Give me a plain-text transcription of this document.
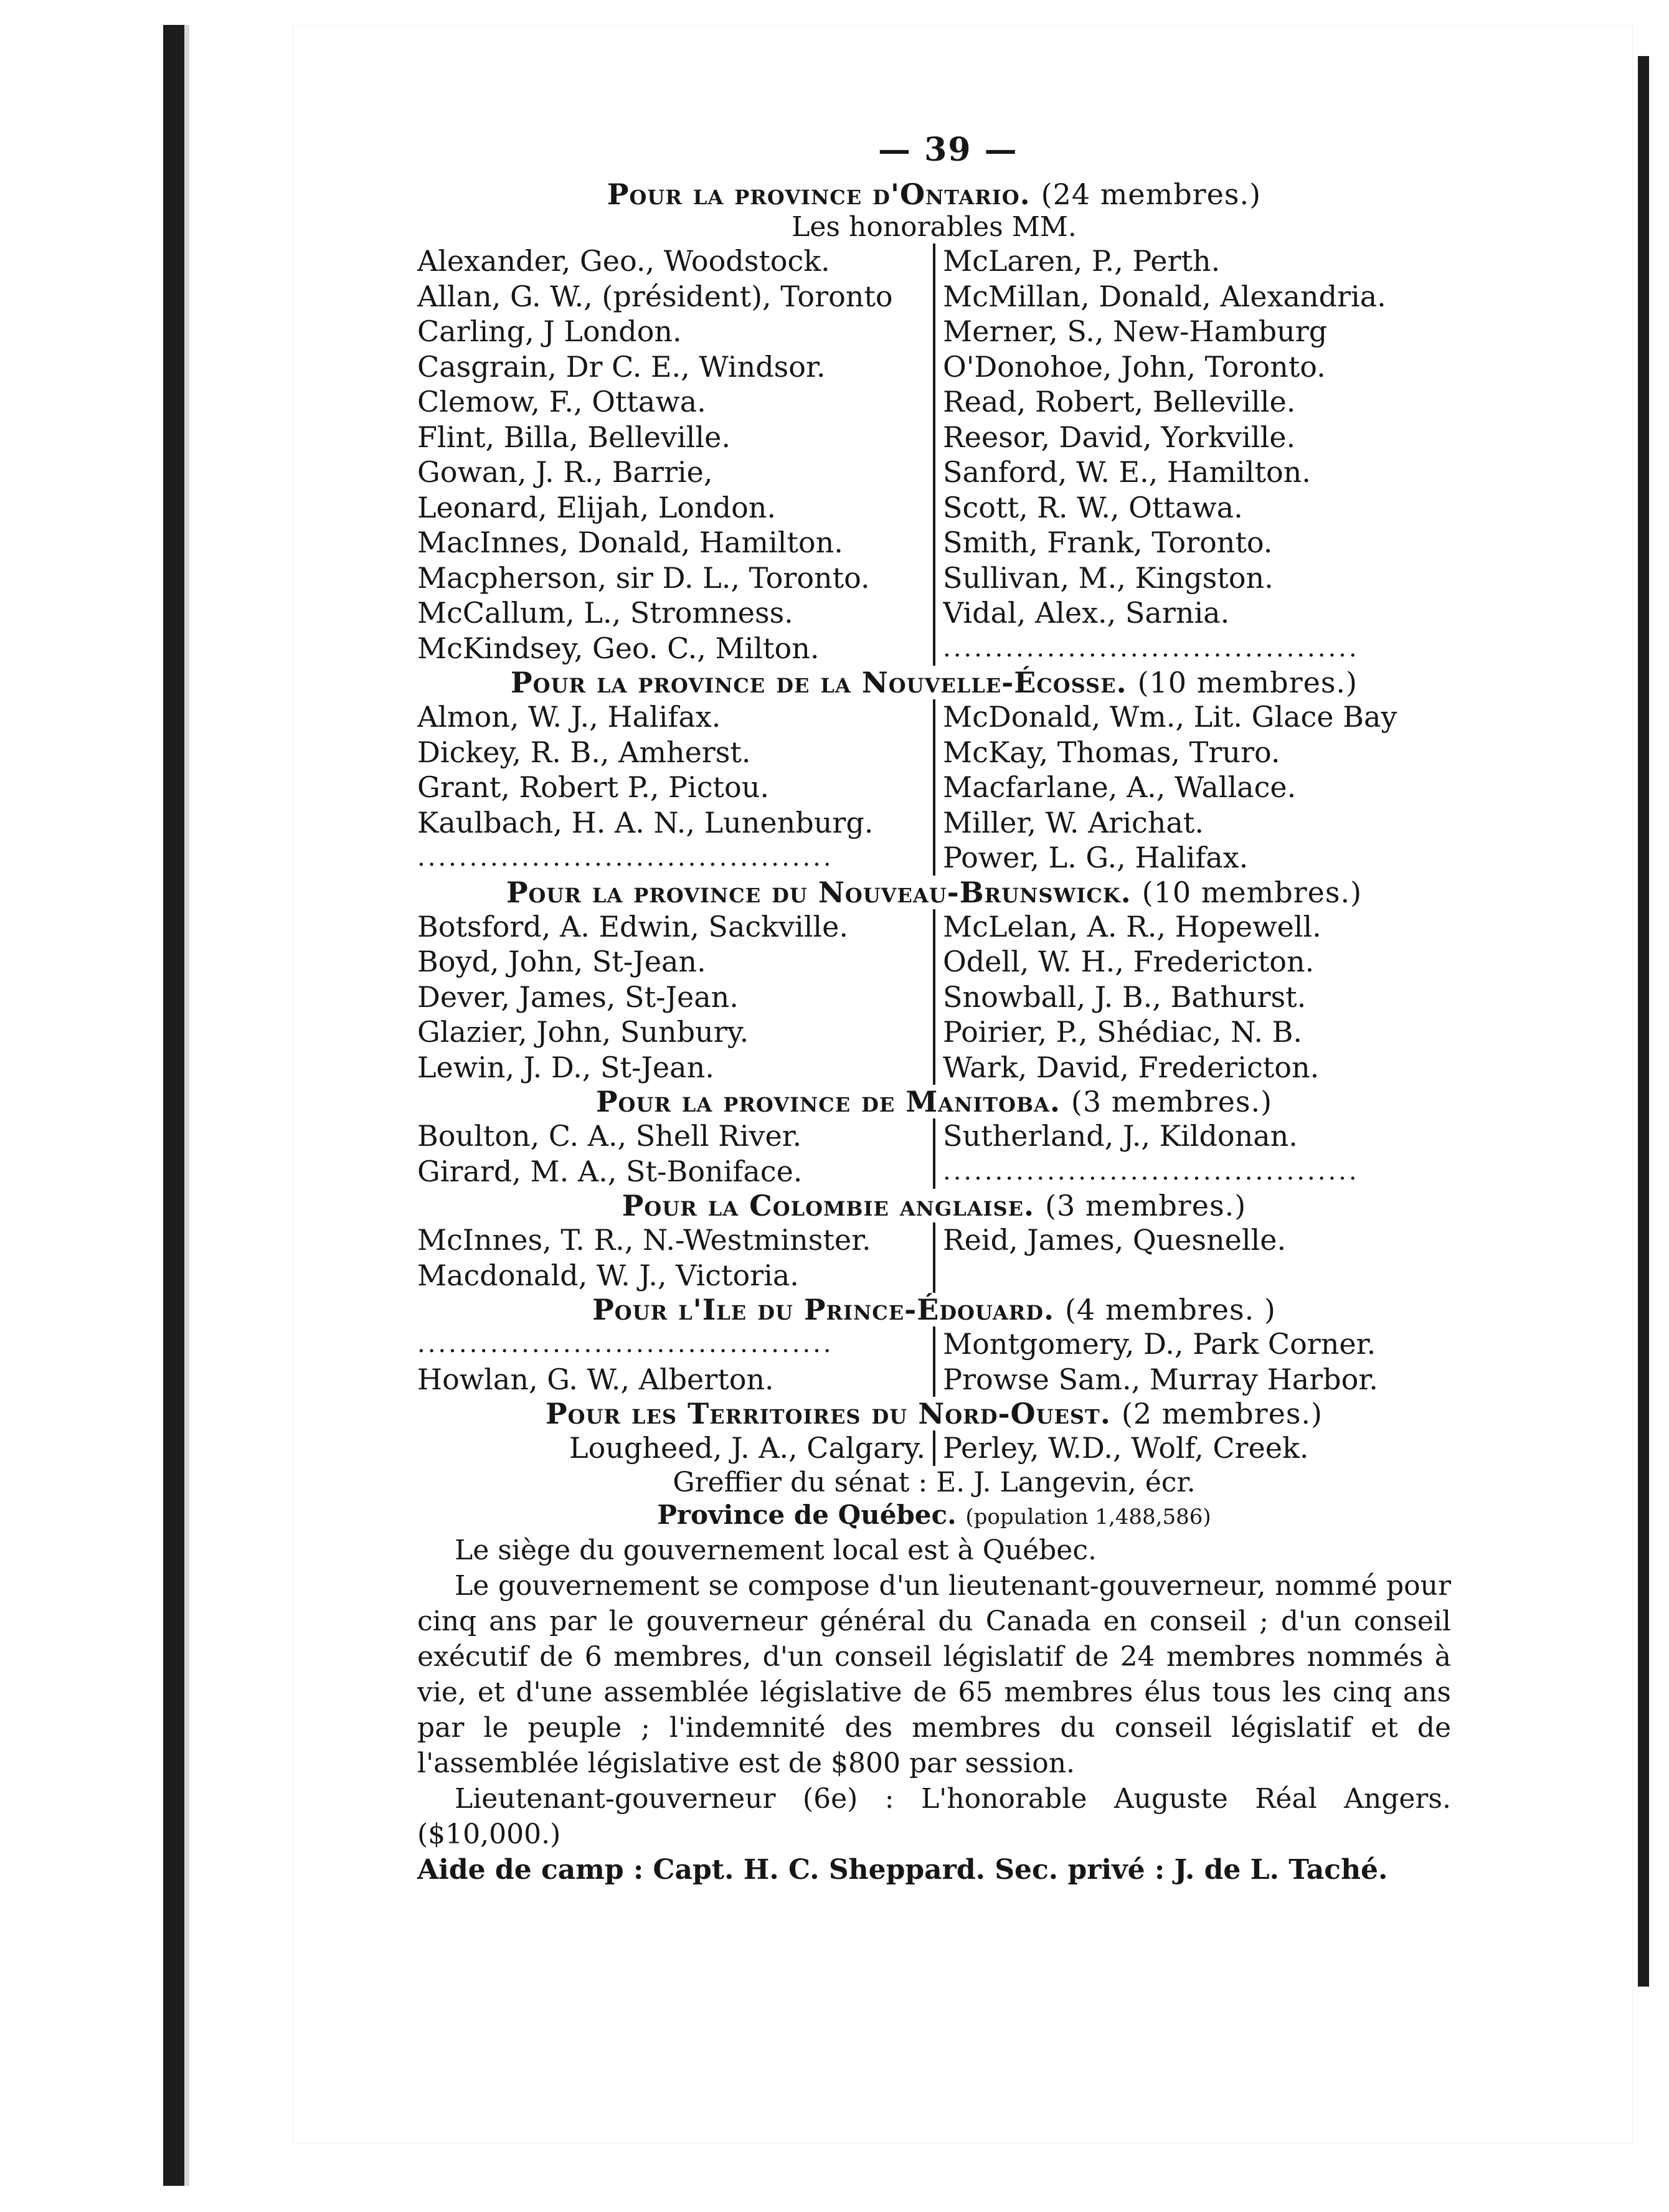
— 39 —
Pour la province d'Ontario. (24 membres.)
Les honorables MM.
Alexander, Geo., Woodstock.
Allan, G. W., (président), Toronto
Carling, J London.
Casgrain, Dr C. E., Windsor.
Clemow, F., Ottawa.
Flint, Billa, Belleville.
Gowan, J. R., Barrie,
Leonard, Elijah, London.
MacInnes, Donald, Hamilton.
Macpherson, sir D. L., Toronto.
McCallum, L., Stromness.
McKindsey, Geo. C., Milton.
McLaren, P., Perth.
McMillan, Donald, Alexandria.
Merner, S., New-Hamburg
O'Donohoe, John, Toronto.
Read, Robert, Belleville.
Reesor, David, Yorkville.
Sanford, W. E., Hamilton.
Scott, R. W., Ottawa.
Smith, Frank, Toronto.
Sullivan, M., Kingston.
Vidal, Alex., Sarnia.
........................................
Pour la province de la Nouvelle-Écosse. (10 membres.)
Almon, W. J., Halifax.
Dickey, R. B., Amherst.
Grant, Robert P., Pictou.
Kaulbach, H. A. N., Lunenburg.
........................................
McDonald, Wm., Lit. Glace Bay
McKay, Thomas, Truro.
Macfarlane, A., Wallace.
Miller, W. Arichat.
Power, L. G., Halifax.
Pour la province du Nouveau-Brunswick. (10 membres.)
Botsford, A. Edwin, Sackville.
Boyd, John, St-Jean.
Dever, James, St-Jean.
Glazier, John, Sunbury.
Lewin, J. D., St-Jean.
McLelan, A. R., Hopewell.
Odell, W. H., Fredericton.
Snowball, J. B., Bathurst.
Poirier, P., Shédiac, N. B.
Wark, David, Fredericton.
Pour la province de Manitoba. (3 membres.)
Boulton, C. A., Shell River.
Girard, M. A., St-Boniface.
Sutherland, J., Kildonan.
........................................
Pour la Colombie anglaise. (3 membres.)
McInnes, T. R., N.-Westminster.
Macdonald, W. J., Victoria.
Reid, James, Quesnelle.
Pour l'Ile du Prince-Édouard. (4 membres. )
........................................
Howlan, G. W., Alberton.
Montgomery, D., Park Corner.
Prowse Sam., Murray Harbor.
Pour les Territoires du Nord-Ouest. (2 membres.)
Lougheed, J. A., Calgary. Perley, W.D., Wolf, Creek.
Greffier du sénat : E. J. Langevin, écr.
Province de Québec. (population 1,488,586)

Le siège du gouvernement local est à Québec.

Le gouvernement se compose d'un lieutenant-gouverneur, nommé pour cinq ans par le gouverneur général du Canada en conseil ; d'un conseil exécutif de 6 membres, d'un conseil législatif de 24 membres nommés à vie, et d'une assemblée législative de 65 membres élus tous les cinq ans par le peuple ; l'indemnité des membres du conseil législatif et de l'assemblée législative est de $800 par session.

Lieutenant-gouverneur (6e) : L'honorable Auguste Réal Angers. ($10,000.)

Aide de camp : Capt. H. C. Sheppard. Sec. privé : J. de L. Taché.
